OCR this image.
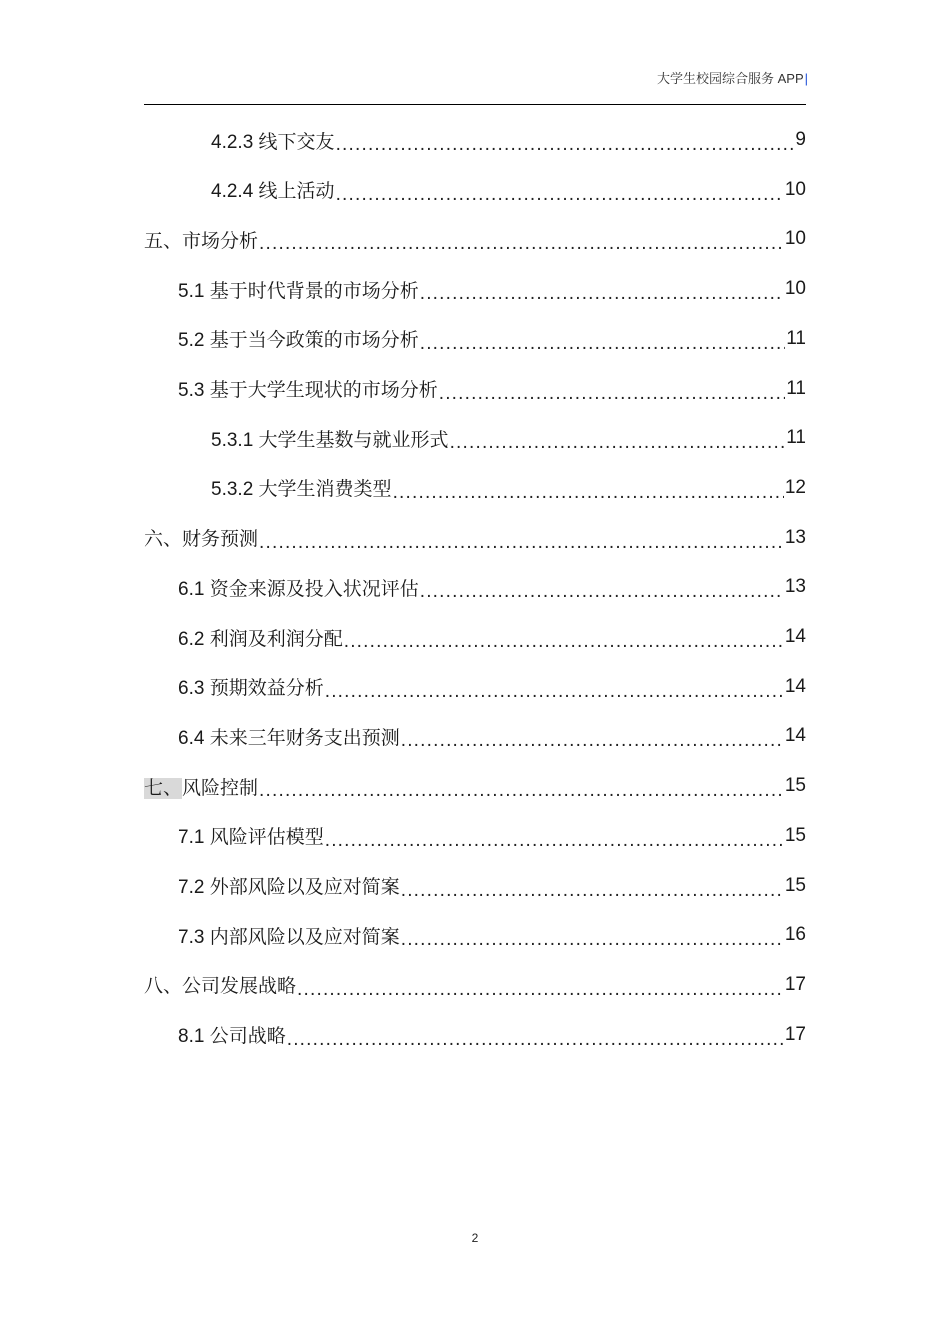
大学生校园综合服务 APP|
4.2.3 线下交友 .....	9
4.2.4 线上活动 .....	10
五、市场分析 .....	10
5.1 基于时代背景的市场分析 .....	10
5.2 基于当今政策的市场分析 .....	11
5.3 基于大学生现状的市场分析 .....	11
5.3.1 大学生基数与就业形式 .....	11
5.3.2 大学生消费类型 .....	12
六、财务预测 .....	13
6.1 资金来源及投入状况评估 .....	13
6.2 利润及利润分配 .....	14
6.3 预期效益分析 .....	14
6.4 未来三年财务支出预测 .....	14
七、风险控制 .....	15
7.1 风险评估模型 .....	15
7.2 外部风险以及应对简案 .....	15
7.3 内部风险以及应对简案 .....	16
八、公司发展战略 .....	17
8.1 公司战略 .....	17
2
